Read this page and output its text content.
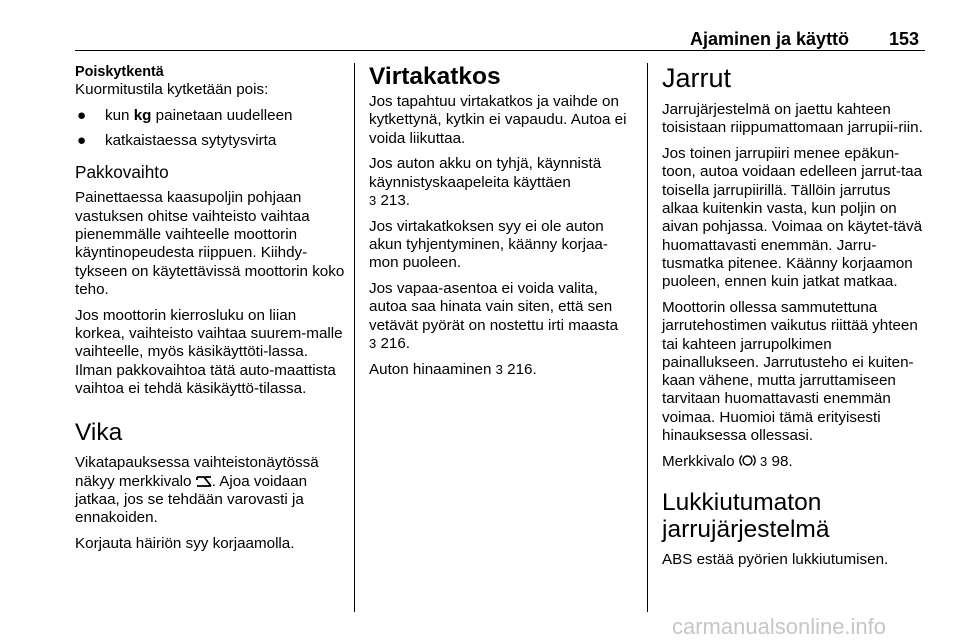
Ajaminen ja käyttö 153
Poiskytkentä

Kuormitustila kytketään pois:

● kun kg painetaan uudelleen
● katkaistaessa sytytysvirta
Pakkovaihto

Painettaessa kaasupoljin pohjaan vastuksen ohitse vaihteisto vaihtaa pienemmälle vaihteelle moottorin käyntinopeudesta riippuen. Kiihdy-tykseen on käytettävissä moottorin koko teho.

Jos moottorin kierrosluku on liian korkea, vaihteisto vaihtaa suurem-malle vaihteelle, myös käsikäyttöti-lassa. Ilman pakkovaihtoa tätä auto-maattista vaihtoa ei tehdä käsikäyttö-tilassa.

Vika

Vikatapauksessa vaihteistonäytössä näkyy merkkivalo . Ajoa voidaan jatkaa, jos se tehdään varovasti ja ennakoiden.

Korjauta häiriön syy korjaamolla.

Virtakatkos

Jos tapahtuu virtakatkos ja vaihde on kytkettynä, kytkin ei vapaudu. Autoa ei voida liikuttaa.

Jos auton akku on tyhjä, käynnistä käynnistyskaapeleita käyttäen
3 213.

Jos virtakatkoksen syy ei ole auton akun tyhjentyminen, käänny korjaa-mon puoleen.

Jos vapaa-asentoa ei voida valita, autoa saa hinata vain siten, että sen vetävät pyörät on nostettu irti maasta
3 216.

Auton hinaaminen 3 216.

Jarrut

Jarrujärjestelmä on jaettu kahteen toisistaan riippumattomaan jarrupii-riin.

Jos toinen jarrupiiri menee epäkun-toon, autoa voidaan edelleen jarrut-taa toisella jarrupiirillä. Tällöin jarrutus alkaa kuitenkin vasta, kun poljin on aivan pohjassa. Voimaa on käytet-tävä huomattavasti enemmän. Jarru-tusmatka pitenee. Käänny korjaamon puoleen, ennen kuin jatkat matkaa.

Moottorin ollessa sammutettuna jarrutehostimen vaikutus riittää yhteen tai kahteen jarrupolkimen painallukseen. Jarrutusteho ei kuiten-kaan vähene, mutta jarruttamiseen tarvitaan huomattavasti enemmän voimaa. Huomioi tämä erityisesti hinauksessa ollessasi.

Merkkivalo  3 98.

Lukkiutumaton
jarrujärjestelmä

ABS estää pyörien lukkiutumisen.

carmanualsonline.info
